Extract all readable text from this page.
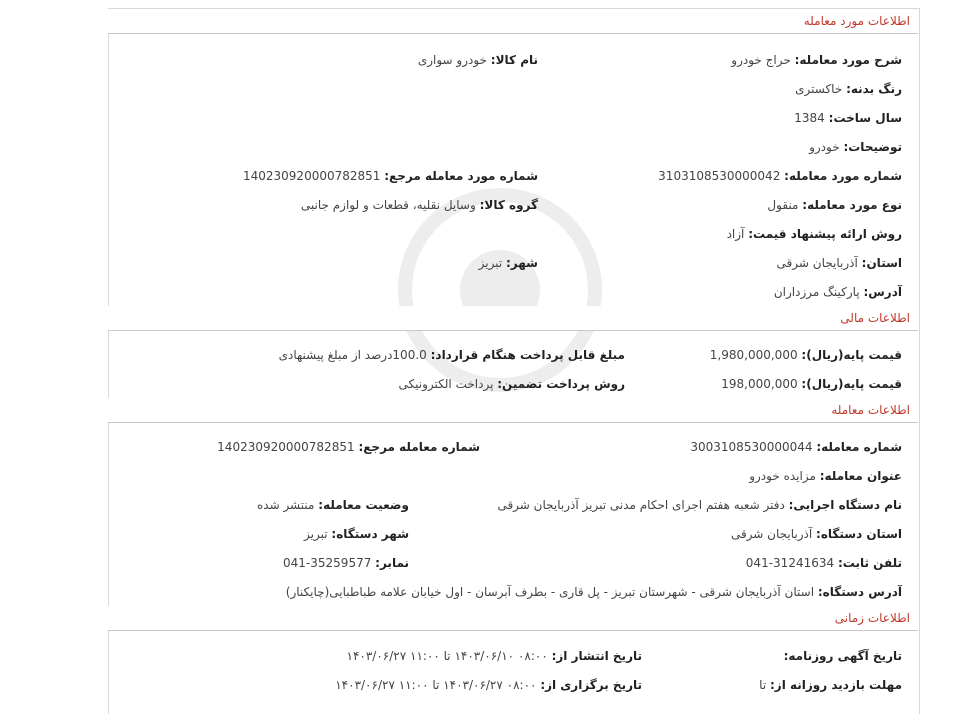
اطلاعات مورد معامله
شرح مورد معامله: حراج خودرو
نام کالا: خودرو سواری
رنگ بدنه: خاکستری
سال ساخت: 1384
توضیحات: خودرو
شماره مورد معامله: 3103108530000042
شماره مورد معامله مرجع: 140230920000782851
نوع مورد معامله: منقول
گروه کالا: وسایل نقلیه، قطعات و لوازم جانبی
روش ارائه پیشنهاد قیمت: آزاد
استان: آذربایجان شرقی
شهر: تبریز
آدرس: پارکینگ مرزداران
اطلاعات مالی
قیمت پایه(ریال): 1,980,000,000
مبلغ قابل پرداخت هنگام قرارداد: 100.0درصد از مبلغ پیشنهادی
قیمت پایه(ریال): 198,000,000
روش پرداخت تضمین: پرداخت الکترونیکی
اطلاعات معامله
شماره معامله: 3003108530000044
شماره معامله مرجع: 140230920000782851
عنوان معامله: مزایده خودرو
نام دستگاه اجرایی: دفتر شعبه هفتم اجرای احکام مدنی تبریز آذربایجان شرقی
وضعیت معامله: منتشر شده
استان دستگاه: آذربایجان شرقی
شهر دستگاه: تبریز
تلفن ثابت: 31241634-041
نمابر: 35259577-041
آدرس دستگاه: استان آذربایجان شرقی - شهرستان تبریز - پل قاری - بطرف آبرسان - اول خیابان علامه طباطبایی(چایکنار)
اطلاعات زمانی
تاریخ آگهی روزنامه:
تاریخ انتشار از: ۰۸:۰۰ ۱۴۰۳/۰۶/۱۰ تا ۱۱:۰۰ ۱۴۰۳/۰۶/۲۷
مهلت بازدید روزانه از: تا
تاریخ برگزاری از: ۰۸:۰۰ ۱۴۰۳/۰۶/۲۷ تا ۱۱:۰۰ ۱۴۰۳/۰۶/۲۷
